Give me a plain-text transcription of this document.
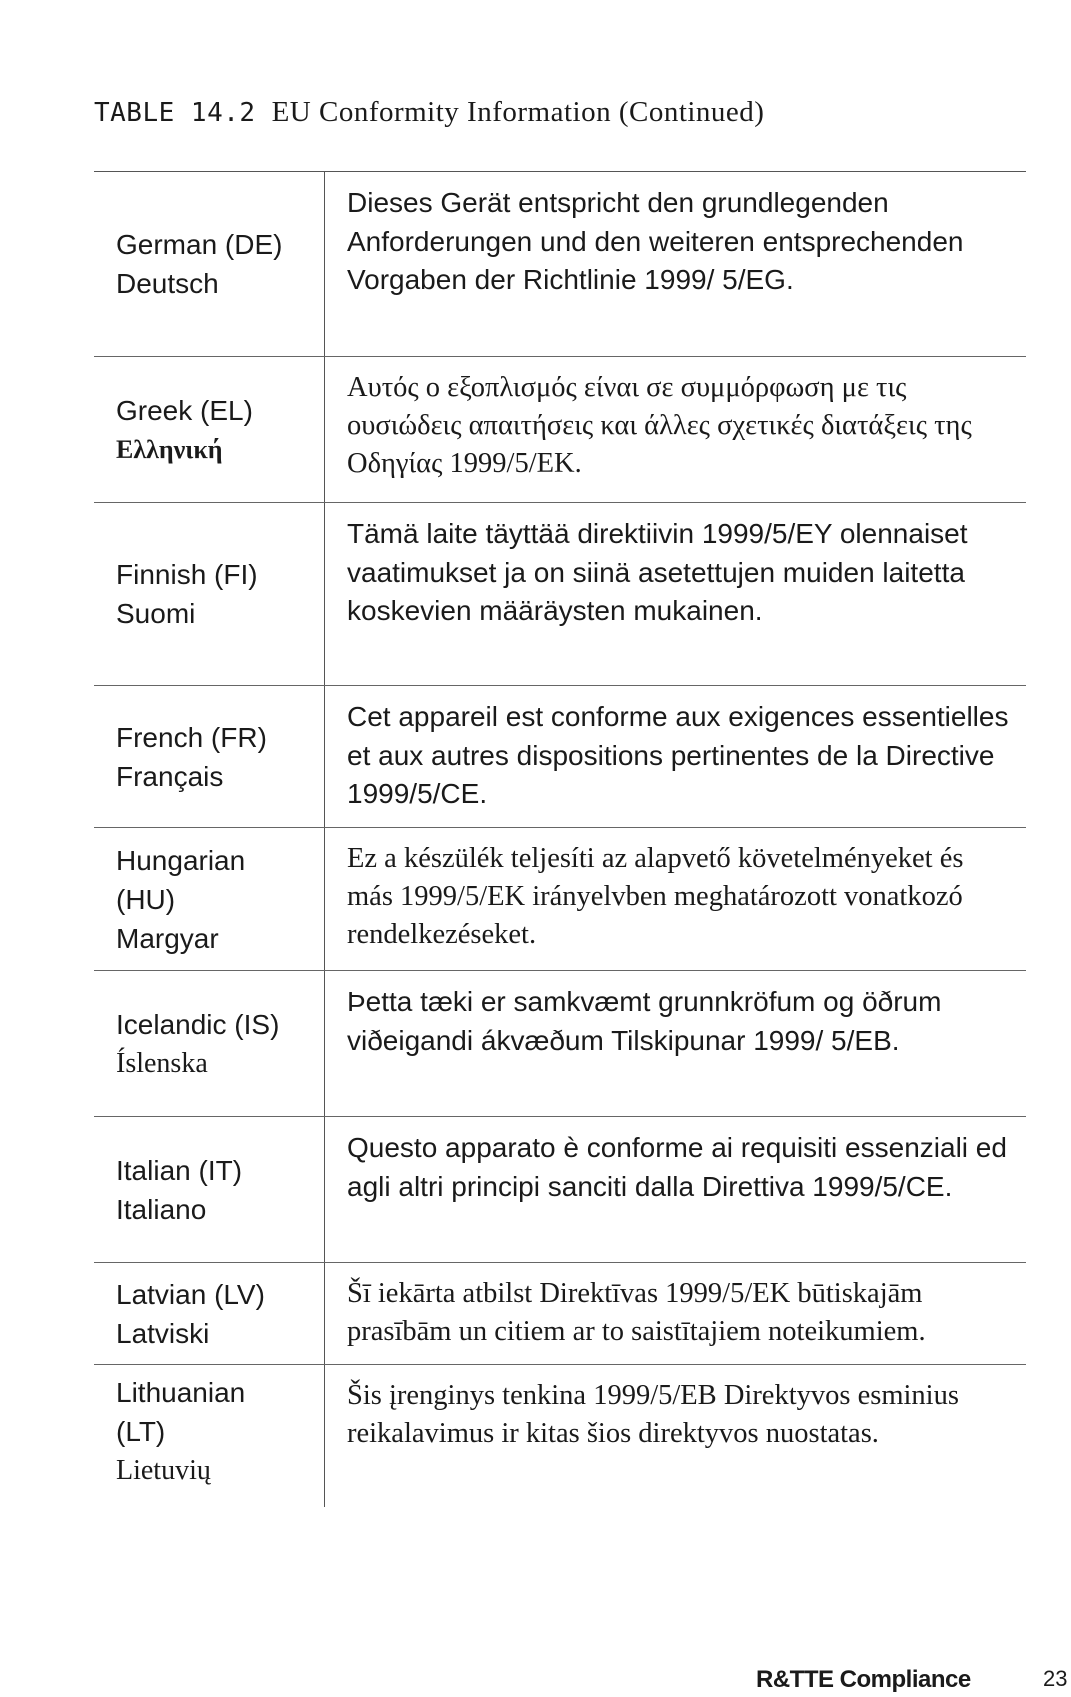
TABLE 14.2 EU Conformity Information (Continued)
German (DE)
Deutsch
Dieses Gerät entspricht den grundlegenden Anforderungen und den weiteren entsprechenden Vorgaben der Richtlinie 1999/ 5/EG.
Greek (EL)
Ελληνική
Αυτός ο εξοπλισμός είναι σε συμμόρφωση με τις ουσιώδεις απαιτήσεις και άλλες σχετικές διατάξεις της Οδηγίας 1999/5/ΕΚ.
Finnish (FI)
Suomi
Tämä laite täyttää direktiivin 1999/5/EY olennaiset vaatimukset ja on siinä asetettujen muiden laitetta koskevien määräysten mukainen.
French (FR)
Français
Cet appareil est conforme aux exigences essentielles et aux autres dispositions pertinentes de la Directive 1999/5/CE.
Hungarian (HU)
Margyar
Ez a készülék teljesíti az alapvető követelményeket és más 1999/5/EK irányelvben meghatározott vonatkozó rendelkezéseket.
Icelandic (IS)
Íslenska
Þetta tæki er samkvæmt grunnkröfum og öðrum viðeigandi ákvæðum Tilskipunar 1999/ 5/EB.
Italian (IT)
Italiano
Questo apparato è conforme ai requisiti essenziali ed agli altri principi sanciti dalla Direttiva 1999/5/CE.
Latvian (LV)
Latviski
Šī iekārta atbilst Direktīvas 1999/5/EK būtiskajām prasībām un citiem ar to saistītajiem noteikumiem.
Lithuanian (LT)
Lietuvių
Šis įrenginys tenkina 1999/5/EB Direktyvos esminius reikalavimus ir kitas šios direktyvos nuostatas.
R&TTE Compliance	23
